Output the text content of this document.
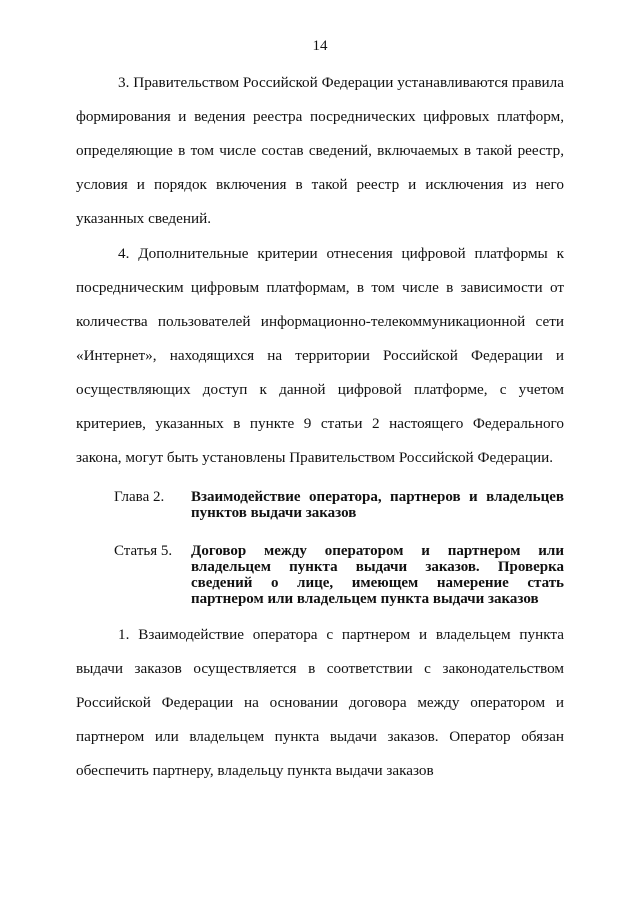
14

3. Правительством Российской Федерации устанавливаются правила формирования и ведения реестра посреднических цифровых платформ, определяющие в том числе состав сведений, включаемых в такой реестр, условия и порядок включения в такой реестр и исключения из него указанных сведений.

4. Дополнительные критерии отнесения цифровой платформы к посредническим цифровым платформам, в том числе в зависимости от количества пользователей информационно-телекоммуникационной сети «Интернет», находящихся на территории Российской Федерации и осуществляющих доступ к данной цифровой платформе, с учетом критериев, указанных в пункте 9 статьи 2 настоящего Федерального закона, могут быть установлены Правительством Российской Федерации.

Глава 2.	Взаимодействие оператора, партнеров и владельцев пунктов выдачи заказов
Статья 5.	Договор между оператором и партнером или владельцем пункта выдачи заказов. Проверка сведений о лице, имеющем намерение стать партнером или владельцем пункта выдачи заказов

1. Взаимодействие оператора с партнером и владельцем пункта выдачи заказов осуществляется в соответствии с законодательством Российской Федерации на основании договора между оператором и партнером или владельцем пункта выдачи заказов. Оператор обязан обеспечить партнеру, владельцу пункта выдачи заказов
